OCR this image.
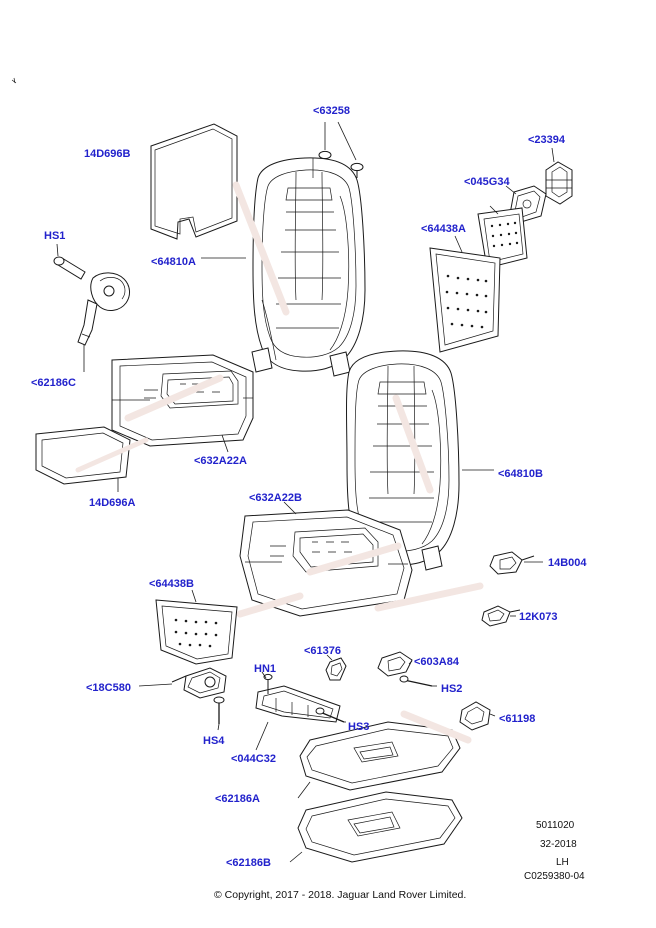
<63258
<23394
14D696B
<045G34
<64438A
HS1
<64810A
<62186C
<632A22A
14D696A
<64810B
<632A22B
14B004
<64438B
12K073
<61376
<603A84
HN1
<18C580	HS2
HS3
<61198
HS4
<044C32
<62186A
<62186B
5011020
32-2018
LH
C0259380-04
© Copyright, 2017 - 2018. Jaguar Land Rover Limited.
